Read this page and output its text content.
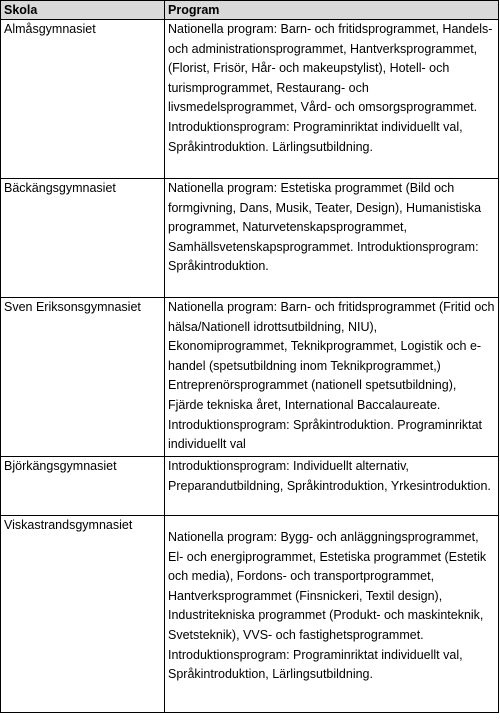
Skola	Program

Almåsgymnasiet	Nationella program: Barn- och fritidsprogrammet, Handels- och administrationsprogrammet, Hantverksprogrammet, (Florist, Frisör, Hår- och makeupstylist), Hotell- och turismprogrammet, Restaurang- och livsmedelsprogrammet, Vård- och omsorgsprogrammet. Introduktionsprogram: Programinriktat individuellt val, Språkintroduktion. Lärlingsutbildning.

Bäckängsgymnasiet	Nationella program: Estetiska programmet (Bild och formgivning, Dans, Musik, Teater, Design), Humanistiska programmet, Naturvetenskapsprogrammet, Samhällsvetenskapsprogrammet. Introduktionsprogram: Språkintroduktion.

Sven Eriksonsgymnasiet	Nationella program: Barn- och fritidsprogrammet (Fritid och hälsa/Nationell idrottsutbildning, NIU), Ekonomiprogrammet, Teknikprogrammet, Logistik och e-handel (spetsutbildning inom Teknikprogrammet,) Entreprenörsprogrammet (nationell spetsutbildning), Fjärde tekniska året, International Baccalaureate. Introduktionsprogram: Språkintroduktion. Programinriktat individuellt val

Björkängsgymnasiet	Introduktionsprogram: Individuellt alternativ, Preparandutbildning, Språkintroduktion, Yrkesintroduktion.

Viskastrandsgymnasiet	Nationella program: Bygg- och anläggningsprogrammet, El- och energiprogrammet, Estetiska programmet (Estetik och media), Fordons- och transportprogrammet, Hantverksprogrammet (Finsnickeri, Textil design), Industritekniska programmet (Produkt- och maskinteknik, Svetsteknik), VVS- och fastighetsprogrammet. Introduktionsprogram: Programinriktat individuellt val, Språkintroduktion, Lärlingsutbildning.
